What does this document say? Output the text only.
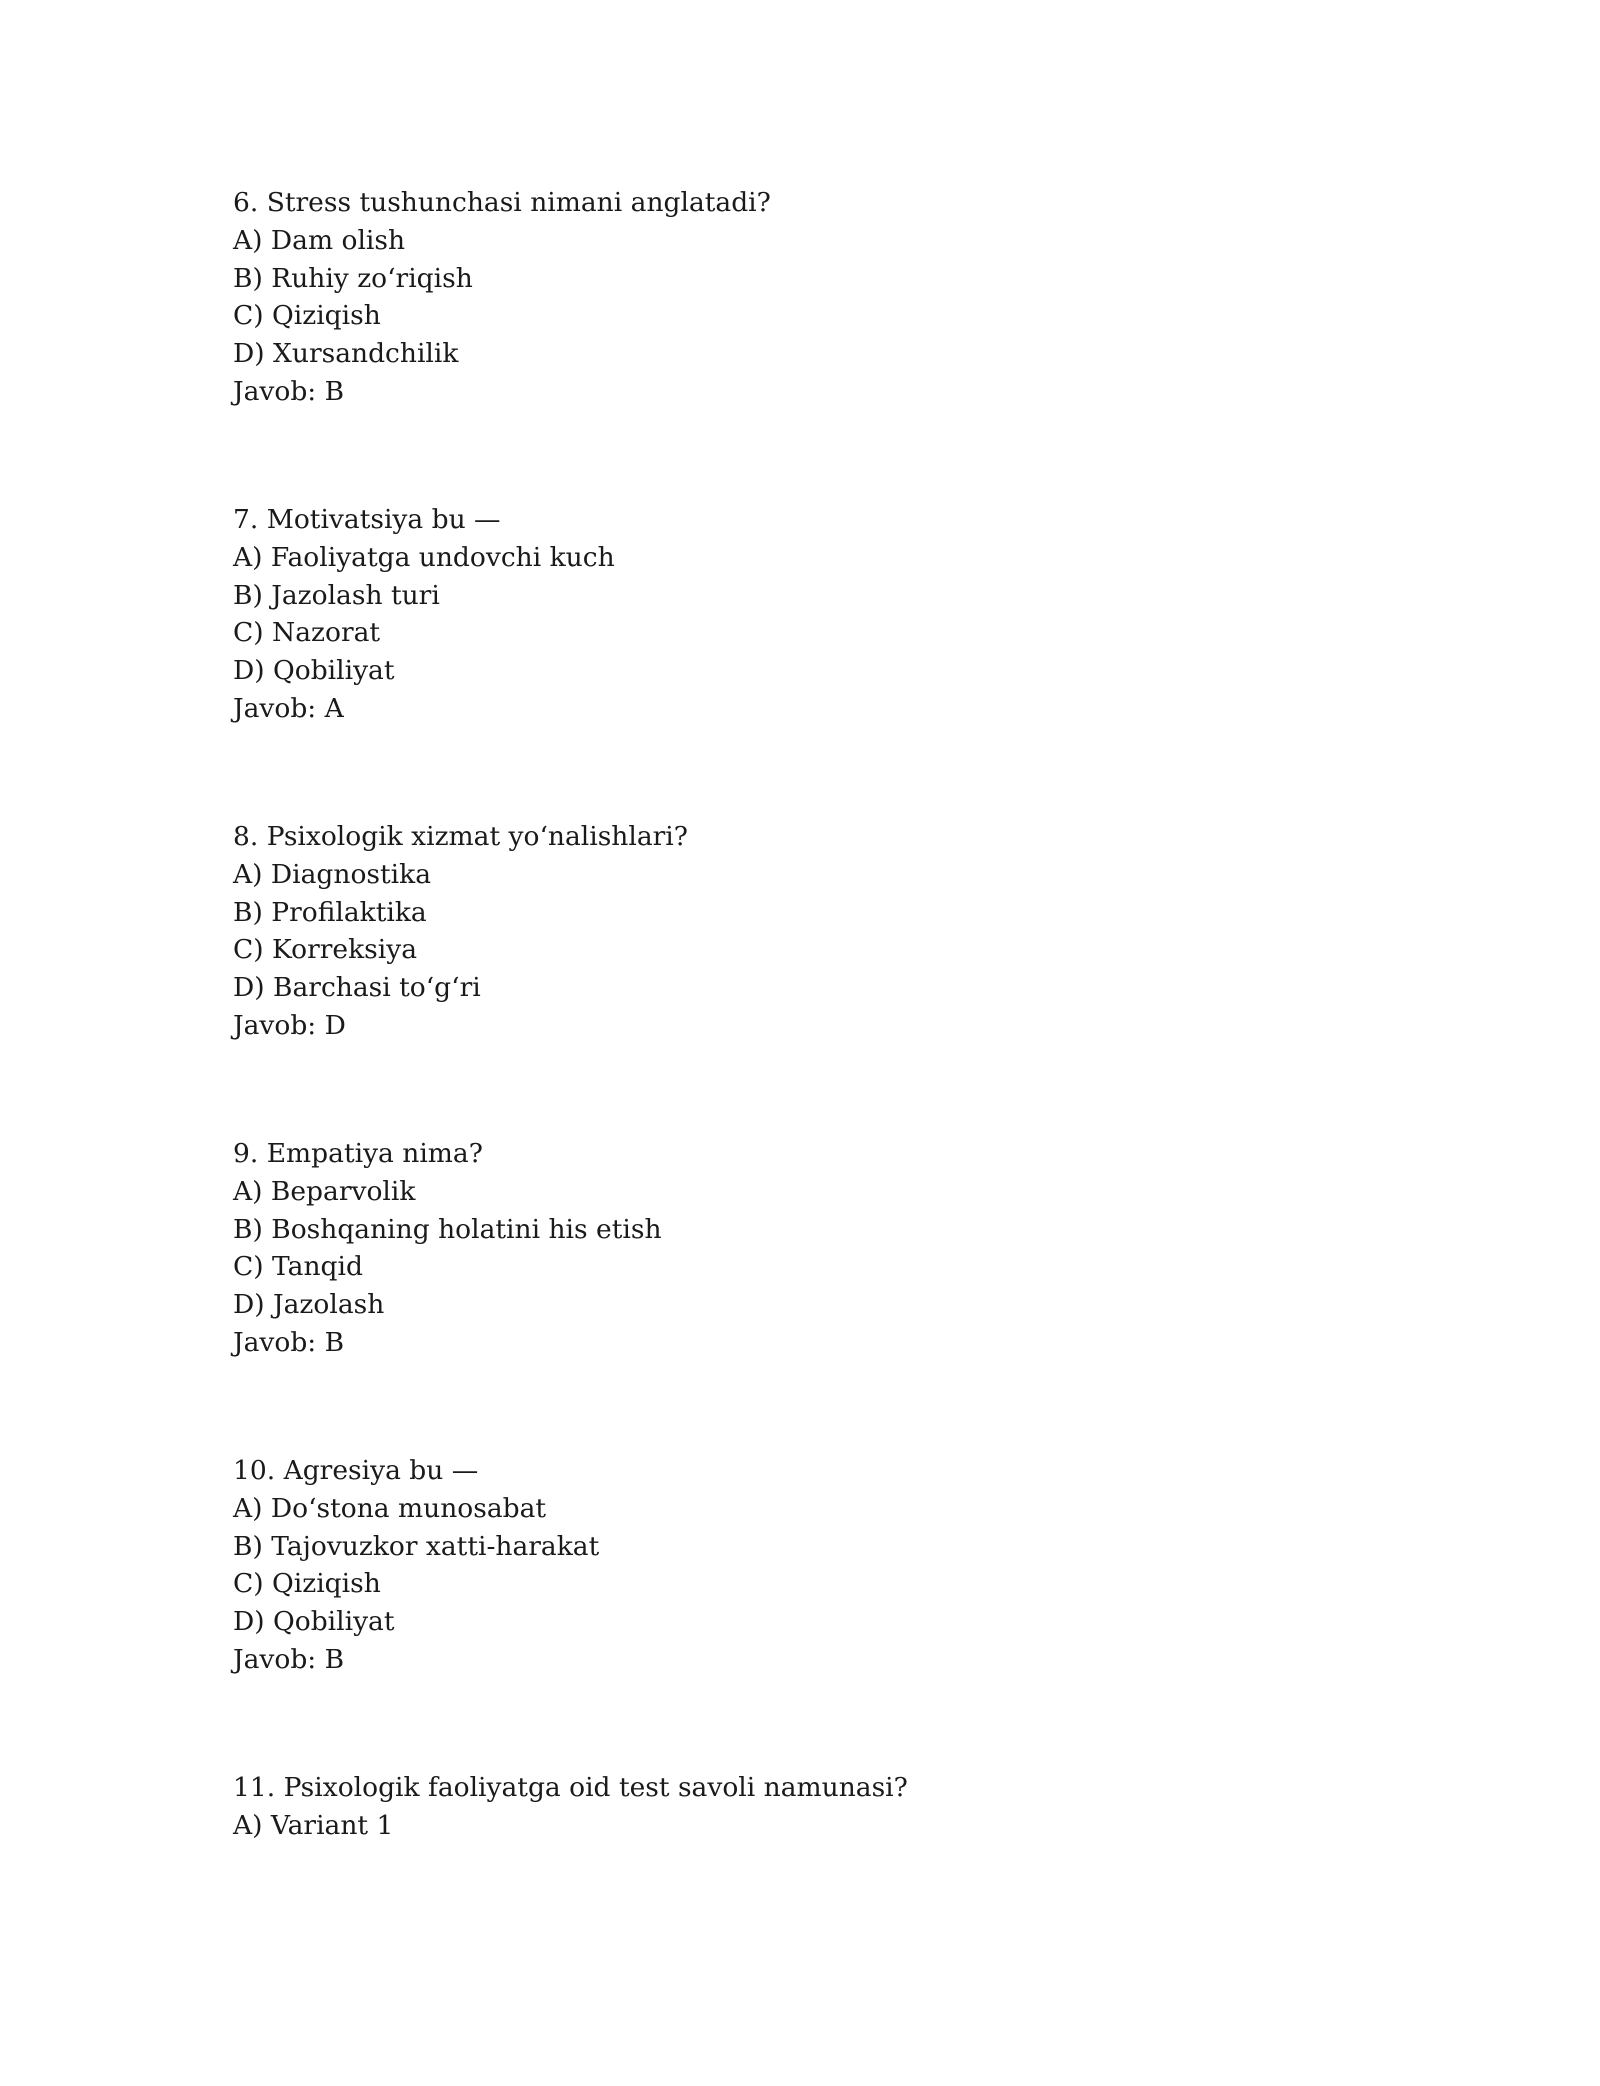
6. Stress tushunchasi nimani anglatadi?
A) Dam olish
B) Ruhiy zo‘riqish
C) Qiziqish
D) Xursandchilik
Javob: B
7. Motivatsiya bu —
A) Faoliyatga undovchi kuch
B) Jazolash turi
C) Nazorat
D) Qobiliyat
Javob: A
8. Psixologik xizmat yo‘nalishlari?
A) Diagnostika
B) Profilaktika
C) Korreksiya
D) Barchasi to‘g‘ri
Javob: D
9. Empatiya nima?
A) Beparvolik
B) Boshqaning holatini his etish
C) Tanqid
D) Jazolash
Javob: B
10. Agresiya bu —
A) Do‘stona munosabat
B) Tajovuzkor xatti-harakat
C) Qiziqish
D) Qobiliyat
Javob: B
11. Psixologik faoliyatga oid test savoli namunasi?
A) Variant 1
